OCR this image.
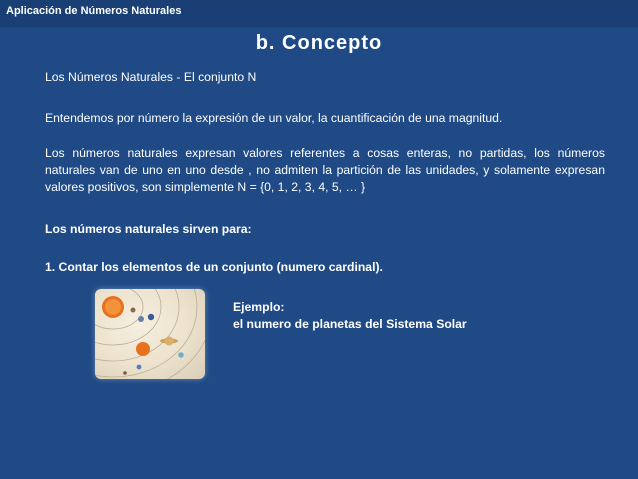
Aplicación de Números Naturales
b. Concepto
Los Números Naturales - El conjunto N
Entendemos por número la expresión de un valor, la cuantificación de una magnitud.
Los números naturales expresan valores referentes a cosas enteras, no partidas, los números naturales van de uno en uno desde , no admiten la partición de las unidades, y solamente expresan valores positivos, son simplemente N = {0, 1, 2, 3, 4, 5, … }
Los números naturales sirven para:
1. Contar los elementos de un conjunto (numero cardinal).
Ejemplo:
el numero de planetas del Sistema Solar
